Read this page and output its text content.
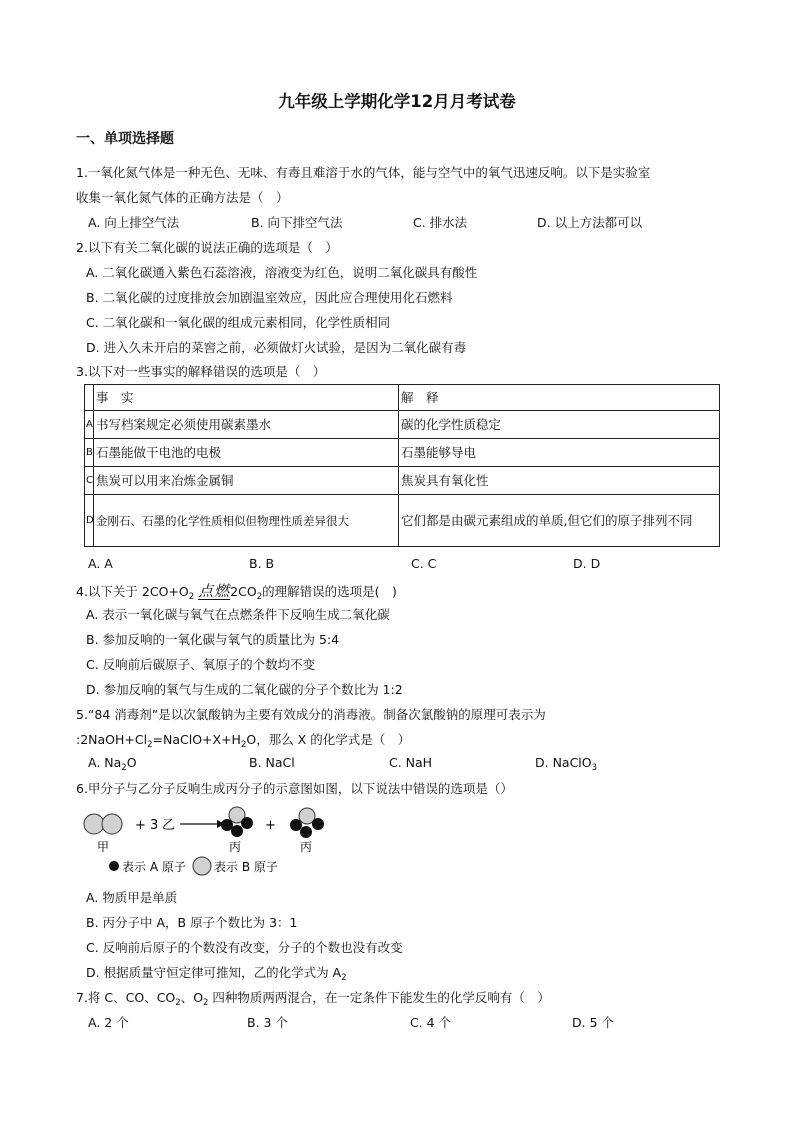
九年级上学期化学12月月考试卷
一、单项选择题
1.一氧化氮气体是一种无色、无味、有毒且难溶于水的气体，能与空气中的氧气迅速反响。以下是实验室
收集一氧化氮气体的正确方法是（　）
A. 向上排空气法	B. 向下排空气法	C. 排水法	D. 以上方法都可以
2.以下有关二氧化碳的说法正确的选项是（　）
A. 二氧化碳通入紫色石蕊溶液，溶液变为红色，说明二氧化碳具有酸性
B. 二氧化碳的过度排放会加剧温室效应，因此应合理使用化石燃料
C. 二氧化碳和一氧化碳的组成元素相同，化学性质相同
D. 进入久未开启的菜窖之前，必须做灯火试验，是因为二氧化碳有毒
3.以下对一些事实的解释错误的选项是（　）
	事　实	解　释
A	书写档案规定必须使用碳素墨水	碳的化学性质稳定
B	石墨能做干电池的电极	石墨能够导电
C	焦炭可以用来冶炼金属铜	焦炭具有氧化性
D	金刚石、石墨的化学性质相似但物理性质差异很大	它们都是由碳元素组成的单质,但它们的原子排列不同
A. A	B. B	C. C	D. D
4.以下关于 $2CO+O_2$ 点燃$2CO_2$的理解错误的选项是(　)
A. 表示一氧化碳与氧气在点燃条件下反响生成二氧化碳
B. 参加反响的一氧化碳与氧气的质量比为 5:4
C. 反响前后碳原子、氧原子的个数均不变
D. 参加反响的氧气与生成的二氧化碳的分子个数比为 1:2
5.“84 消毒剂”是以次氯酸钠为主要有效成分的消毒液。制备次氯酸钠的原理可表示为
$:2NaOH+Cl_2=NaClO+X+H_2O$，那么 X 的化学式是（　）
A. $Na_2O$	B. NaCl	C. NaH	D. NaClO$_3$
6.甲分子与乙分子反响生成丙分子的示意图如图，以下说法中错误的选项是（）
+ 3 乙	+
甲	丙	丙
表示 A 原子 表示 B 原子
A. 物质甲是单质
B. 丙分子中 A，B 原子个数比为 3：1
C. 反响前后原子的个数没有改变，分子的个数也没有改变
D. 根据质量守恒定律可推知，乙的化学式为 $A_2$
7.将 C、CO、$CO_2$、$O_2$ 四种物质两两混合，在一定条件下能发生的化学反响有（　）
A. 2 个	B. 3 个	C. 4 个	D. 5 个
